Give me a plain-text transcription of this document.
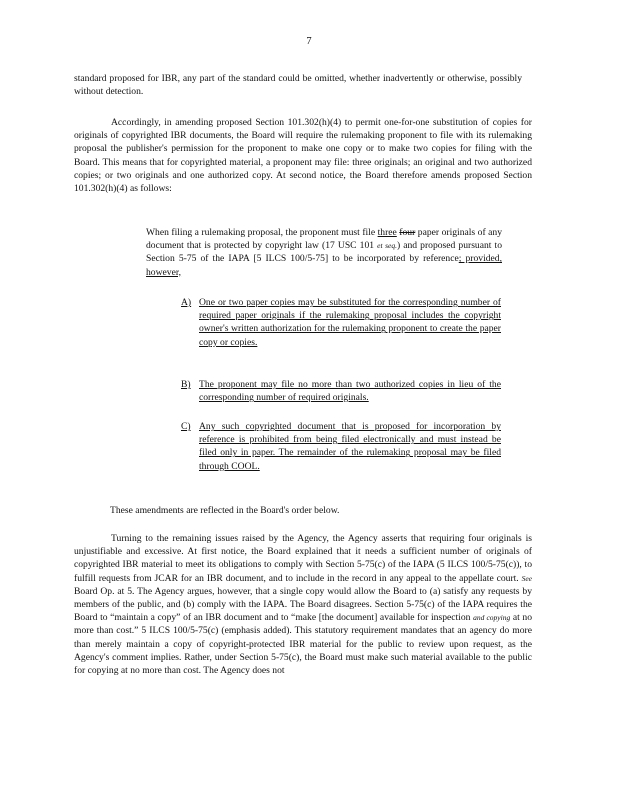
7

standard proposed for IBR, any part of the standard could be omitted, whether inadvertently or otherwise, possibly without detection.

Accordingly, in amending proposed Section 101.302(h)(4) to permit one-for-one substitution of copies for originals of copyrighted IBR documents, the Board will require the rulemaking proponent to file with its rulemaking proposal the publisher's permission for the proponent to make one copy or to make two copies for filing with the Board. This means that for copyrighted material, a proponent may file: three originals; an original and two authorized copies; or two originals and one authorized copy. At second notice, the Board therefore amends proposed Section 101.302(h)(4) as follows:

When filing a rulemaking proposal, the proponent must file three four paper originals of any document that is protected by copyright law (17 USC 101 et seq.) and proposed pursuant to Section 5-75 of the IAPA [5 ILCS 100/5-75] to be incorporated by reference; provided, however,

A) One or two paper copies may be substituted for the corresponding number of required paper originals if the rulemaking proposal includes the copyright owner's written authorization for the rulemaking proponent to create the paper copy or copies.

B) The proponent may file no more than two authorized copies in lieu of the corresponding number of required originals.

C) Any such copyrighted document that is proposed for incorporation by reference is prohibited from being filed electronically and must instead be filed only in paper. The remainder of the rulemaking proposal may be filed through COOL.

These amendments are reflected in the Board's order below.

Turning to the remaining issues raised by the Agency, the Agency asserts that requiring four originals is unjustifiable and excessive. At first notice, the Board explained that it needs a sufficient number of originals of copyrighted IBR material to meet its obligations to comply with Section 5-75(c) of the IAPA (5 ILCS 100/5-75(c)), to fulfill requests from JCAR for an IBR document, and to include in the record in any appeal to the appellate court. See Board Op. at 5. The Agency argues, however, that a single copy would allow the Board to (a) satisfy any requests by members of the public, and (b) comply with the IAPA. The Board disagrees. Section 5-75(c) of the IAPA requires the Board to “maintain a copy” of an IBR document and to “make [the document] available for inspection and copying at no more than cost.” 5 ILCS 100/5-75(c) (emphasis added). This statutory requirement mandates that an agency do more than merely maintain a copy of copyright-protected IBR material for the public to review upon request, as the Agency's comment implies. Rather, under Section 5-75(c), the Board must make such material available to the public for copying at no more than cost. The Agency does not
